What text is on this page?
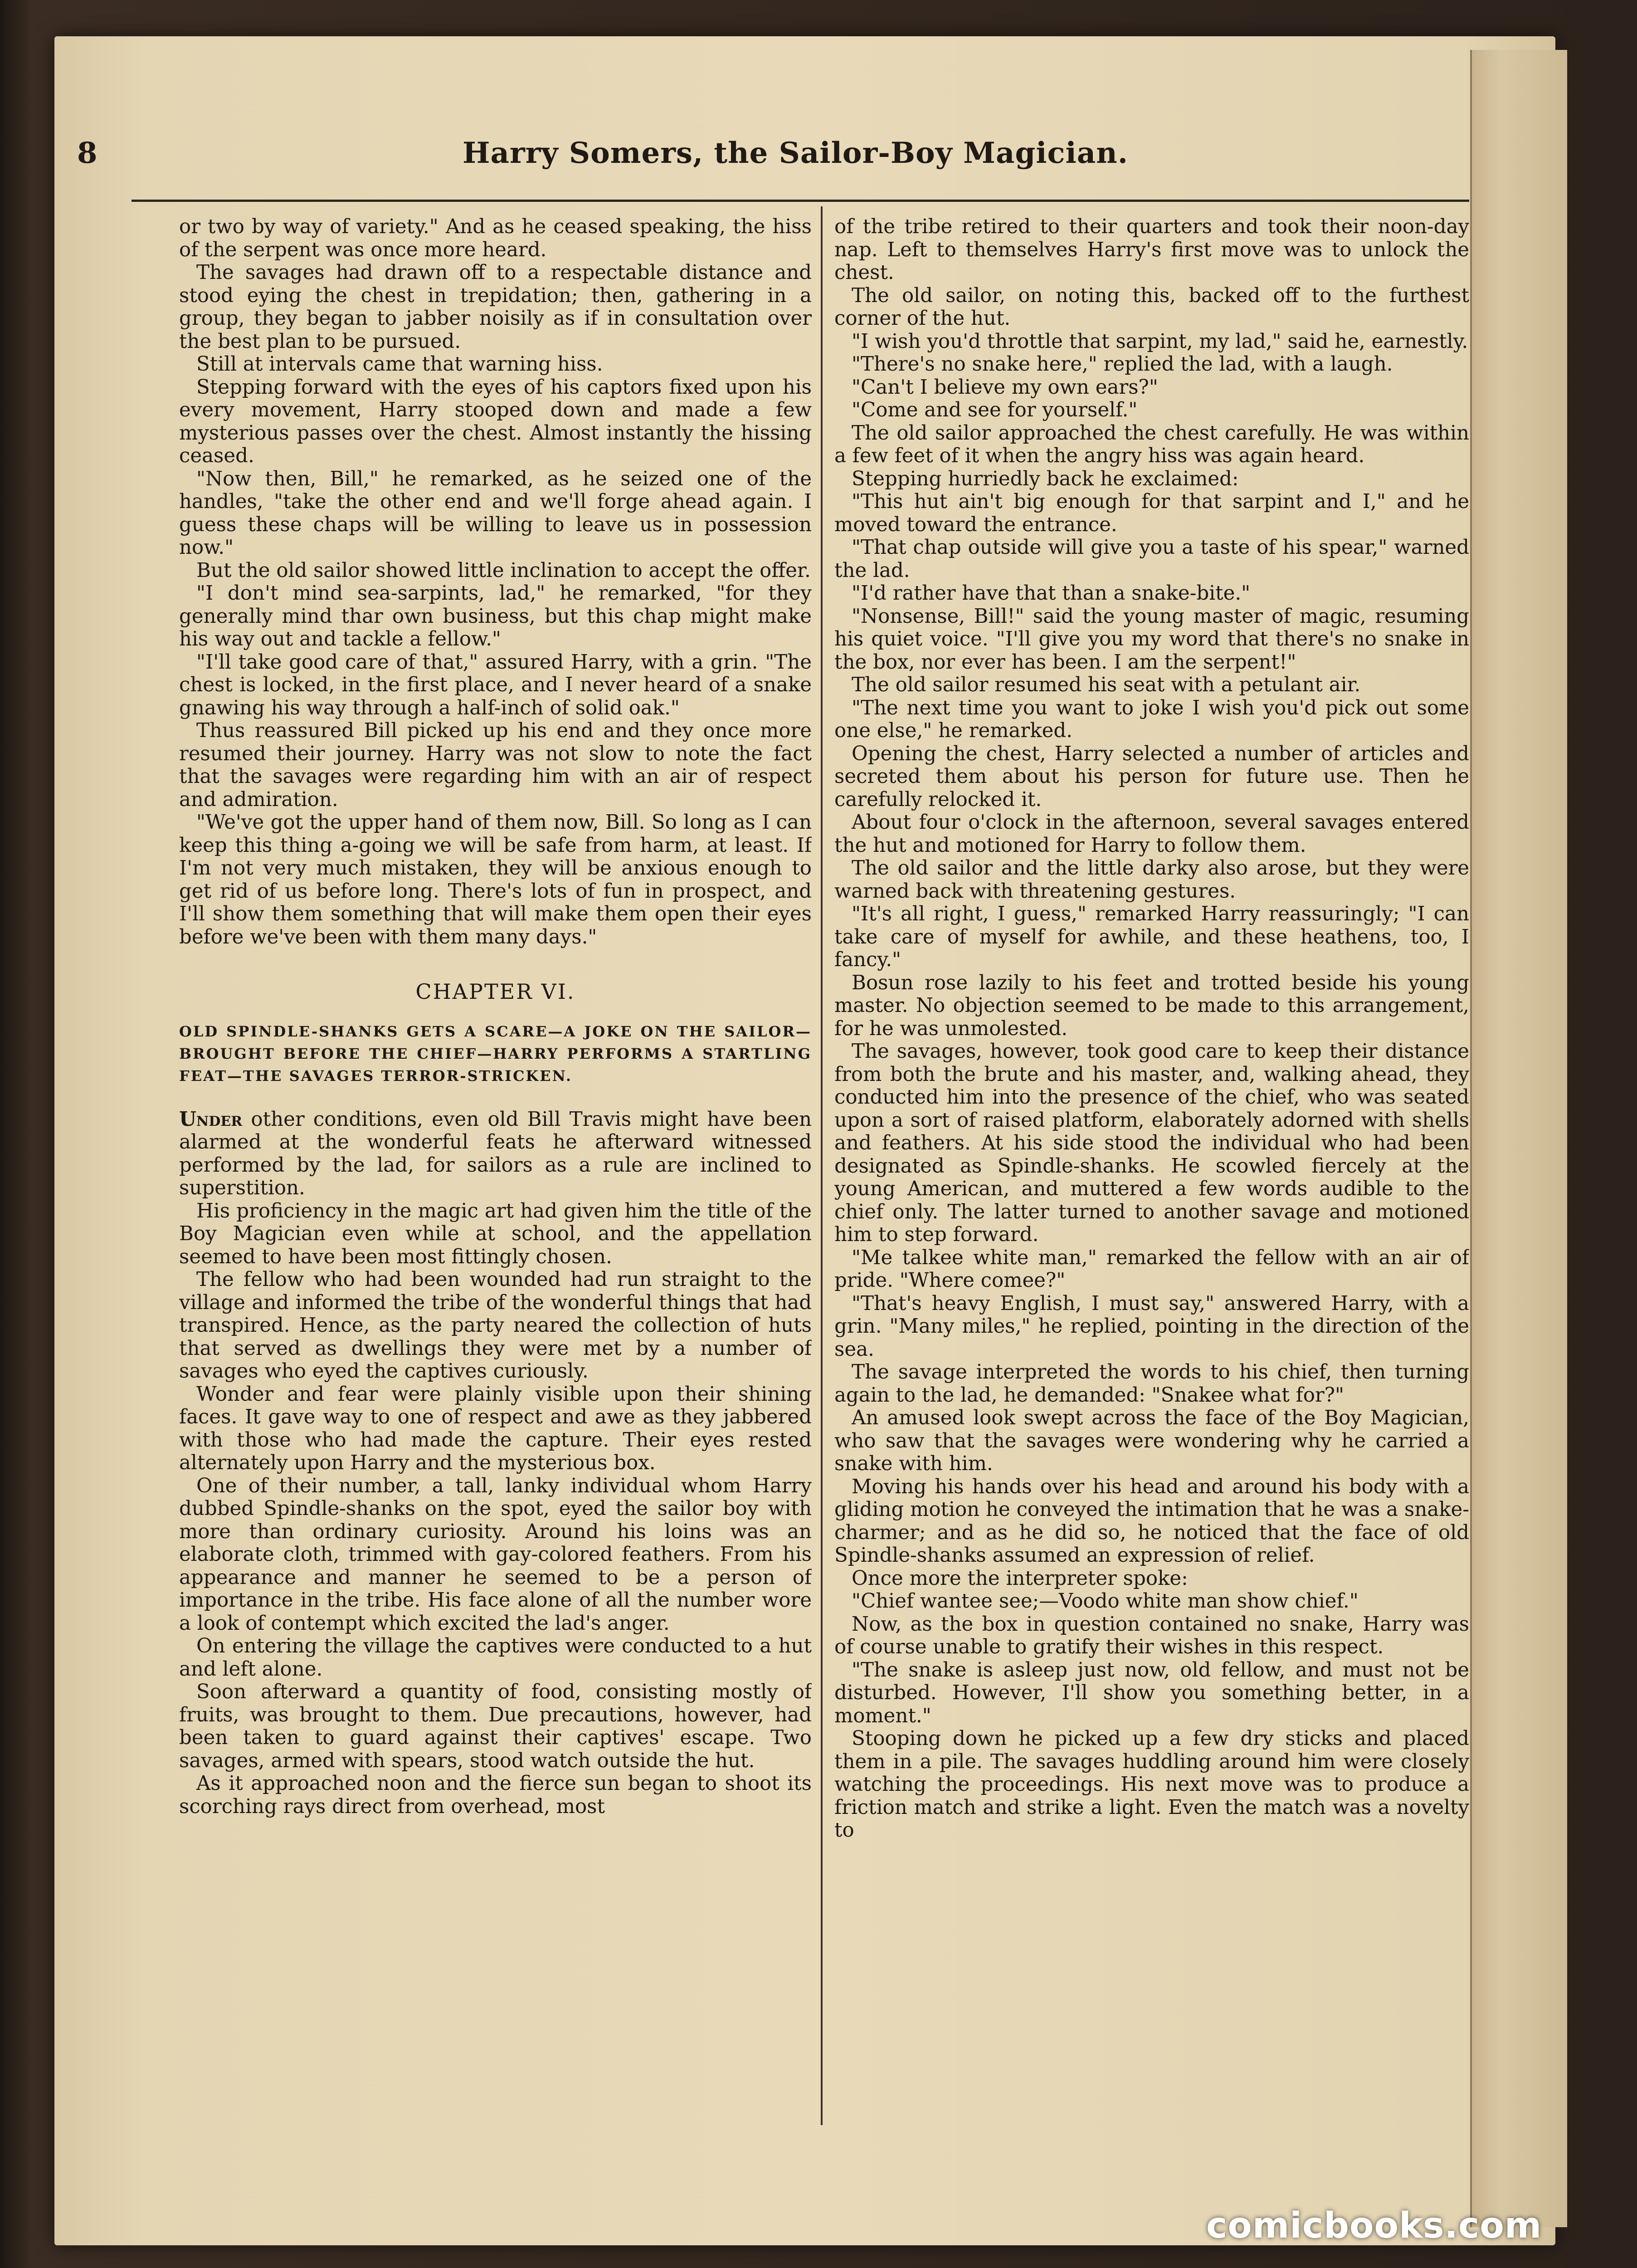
8	Harry Somers, the Sailor-Boy Magician.

or two by way of variety." And as he ceased speaking, the hiss of the serpent was once more heard.

The savages had drawn off to a respectable distance and stood eying the chest in trepidation; then, gathering in a group, they began to jabber noisily as if in consultation over the best plan to be pursued.

Still at intervals came that warning hiss.

Stepping forward with the eyes of his captors fixed upon his every movement, Harry stooped down and made a few mysterious passes over the chest. Almost instantly the hissing ceased.

"Now then, Bill," he remarked, as he seized one of the handles, "take the other end and we'll forge ahead again. I guess these chaps will be willing to leave us in possession now."

But the old sailor showed little inclination to accept the offer.

"I don't mind sea-sarpints, lad," he remarked, "for they generally mind thar own business, but this chap might make his way out and tackle a fellow."

"I'll take good care of that," assured Harry, with a grin. "The chest is locked, in the first place, and I never heard of a snake gnawing his way through a half-inch of solid oak."

Thus reassured Bill picked up his end and they once more resumed their journey. Harry was not slow to note the fact that the savages were regarding him with an air of respect and admiration.

"We've got the upper hand of them now, Bill. So long as I can keep this thing a-going we will be safe from harm, at least. If I'm not very much mistaken, they will be anxious enough to get rid of us before long. There's lots of fun in prospect, and I'll show them something that will make them open their eyes before we've been with them many days."

CHAPTER VI.
OLD SPINDLE-SHANKS GETS A SCARE—A JOKE ON THE SAILOR—BROUGHT BEFORE THE CHIEF—HARRY PERFORMS A STARTLING FEAT—THE SAVAGES TERROR-STRICKEN.

Under other conditions, even old Bill Travis might have been alarmed at the wonderful feats he afterward witnessed performed by the lad, for sailors as a rule are inclined to superstition.

His proficiency in the magic art had given him the title of the Boy Magician even while at school, and the appellation seemed to have been most fittingly chosen.

The fellow who had been wounded had run straight to the village and informed the tribe of the wonderful things that had transpired. Hence, as the party neared the collection of huts that served as dwellings they were met by a number of savages who eyed the captives curiously.

Wonder and fear were plainly visible upon their shining faces. It gave way to one of respect and awe as they jabbered with those who had made the capture. Their eyes rested alternately upon Harry and the mysterious box.

One of their number, a tall, lanky individual whom Harry dubbed Spindle-shanks on the spot, eyed the sailor boy with more than ordinary curiosity. Around his loins was an elaborate cloth, trimmed with gay-colored feathers. From his appearance and manner he seemed to be a person of importance in the tribe. His face alone of all the number wore a look of contempt which excited the lad's anger.

On entering the village the captives were conducted to a hut and left alone.

Soon afterward a quantity of food, consisting mostly of fruits, was brought to them. Due precautions, however, had been taken to guard against their captives' escape. Two savages, armed with spears, stood watch outside the hut.

As it approached noon and the fierce sun began to shoot its scorching rays direct from overhead, most

of the tribe retired to their quarters and took their noon-day nap. Left to themselves Harry's first move was to unlock the chest.

The old sailor, on noting this, backed off to the furthest corner of the hut.

"I wish you'd throttle that sarpint, my lad," said he, earnestly.

"There's no snake here," replied the lad, with a laugh.

"Can't I believe my own ears?"

"Come and see for yourself."

The old sailor approached the chest carefully. He was within a few feet of it when the angry hiss was again heard.

Stepping hurriedly back he exclaimed:

"This hut ain't big enough for that sarpint and I," and he moved toward the entrance.

"That chap outside will give you a taste of his spear," warned the lad.

"I'd rather have that than a snake-bite."

"Nonsense, Bill!" said the young master of magic, resuming his quiet voice. "I'll give you my word that there's no snake in the box, nor ever has been. I am the serpent!"

The old sailor resumed his seat with a petulant air.

"The next time you want to joke I wish you'd pick out some one else," he remarked.

Opening the chest, Harry selected a number of articles and secreted them about his person for future use. Then he carefully relocked it.

About four o'clock in the afternoon, several savages entered the hut and motioned for Harry to follow them.

The old sailor and the little darky also arose, but they were warned back with threatening gestures.

"It's all right, I guess," remarked Harry reassuringly; "I can take care of myself for awhile, and these heathens, too, I fancy."

Bosun rose lazily to his feet and trotted beside his young master. No objection seemed to be made to this arrangement, for he was unmolested.

The savages, however, took good care to keep their distance from both the brute and his master, and, walking ahead, they conducted him into the presence of the chief, who was seated upon a sort of raised platform, elaborately adorned with shells and feathers. At his side stood the individual who had been designated as Spindle-shanks. He scowled fiercely at the young American, and muttered a few words audible to the chief only. The latter turned to another savage and motioned him to step forward.

"Me talkee white man," remarked the fellow with an air of pride. "Where comee?"

"That's heavy English, I must say," answered Harry, with a grin. "Many miles," he replied, pointing in the direction of the sea.

The savage interpreted the words to his chief, then turning again to the lad, he demanded: "Snakee what for?"

An amused look swept across the face of the Boy Magician, who saw that the savages were wondering why he carried a snake with him.

Moving his hands over his head and around his body with a gliding motion he conveyed the intimation that he was a snake-charmer; and as he did so, he noticed that the face of old Spindle-shanks assumed an expression of relief.

Once more the interpreter spoke:

"Chief wantee see;—Voodo white man show chief."

Now, as the box in question contained no snake, Harry was of course unable to gratify their wishes in this respect.

"The snake is asleep just now, old fellow, and must not be disturbed. However, I'll show you something better, in a moment."

Stooping down he picked up a few dry sticks and placed them in a pile. The savages huddling around him were closely watching the proceedings. His next move was to produce a friction match and strike a light. Even the match was a novelty to

comicbooks.com
